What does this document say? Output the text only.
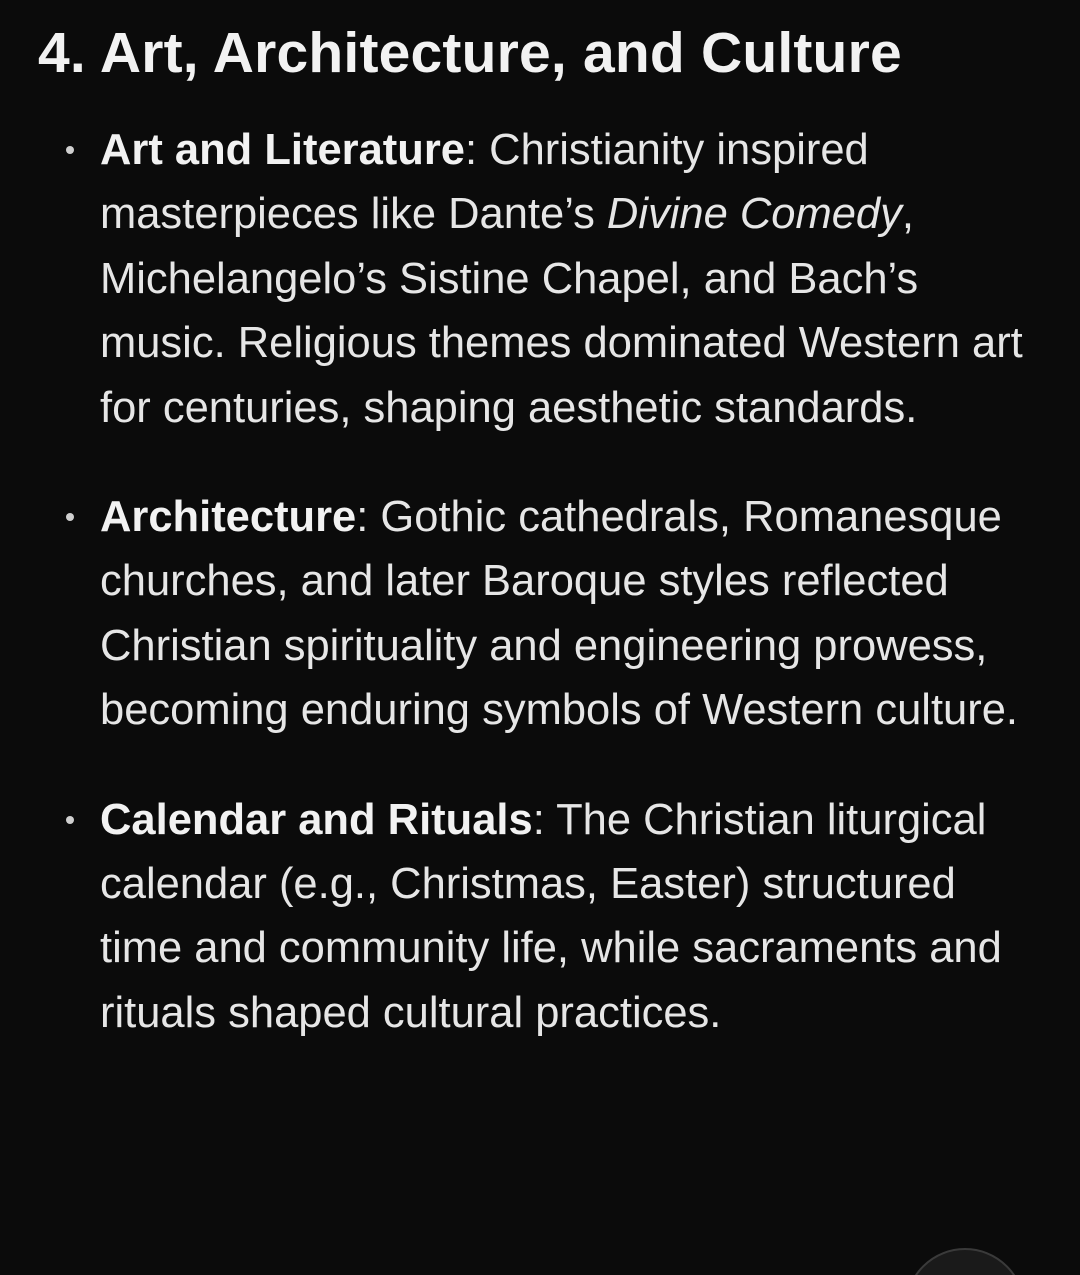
4. Art, Architecture, and Culture
Art and Literature: Christianity inspired masterpieces like Dante’s Divine Comedy, Michelangelo’s Sistine Chapel, and Bach’s music. Religious themes dominated Western art for centuries, shaping aesthetic standards.
Architecture: Gothic cathedrals, Romanesque churches, and later Baroque styles reflected Christian spirituality and engineering prowess, becoming enduring symbols of Western culture.
Calendar and Rituals: The Christian liturgical calendar (e.g., Christmas, Easter) structured time and community life, while sacraments and rituals shaped cultural practices.
